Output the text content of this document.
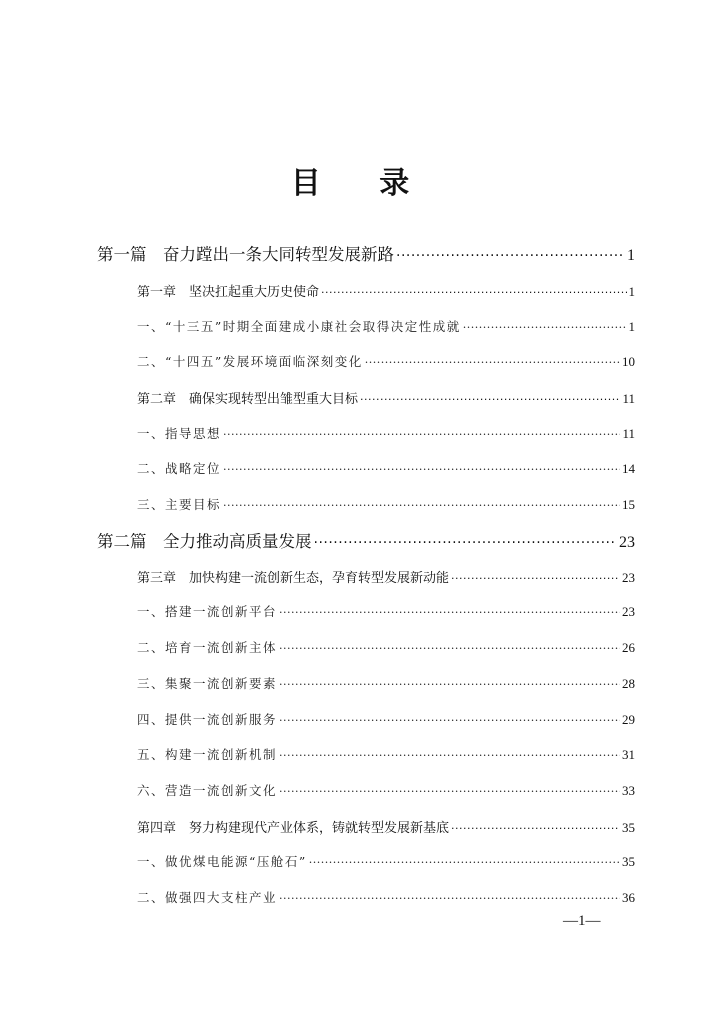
目 录
第一篇　奋力蹚出一条大同转型发展新路 .....	1
第一章　坚决扛起重大历史使命 .....	1
一、“十三五”时期全面建成小康社会取得决定性成就 .....	1
二、“十四五”发展环境面临深刻变化 .....	10
第二章　确保实现转型出雏型重大目标 .....	11
一、指导思想 .....	11
二、战略定位 .....	14
三、主要目标 .....	15
第二篇　全力推动高质量发展 .....	23
第三章　加快构建一流创新生态，孕育转型发展新动能 .....	23
一、搭建一流创新平台 .....	23
二、培育一流创新主体 .....	26
三、集聚一流创新要素 .....	28
四、提供一流创新服务 .....	29
五、构建一流创新机制 .....	31
六、营造一流创新文化 .....	33
第四章　努力构建现代产业体系，铸就转型发展新基底 .....	35
一、做优煤电能源“压舱石” .....	35
二、做强四大支柱产业 .....	36
—1—
